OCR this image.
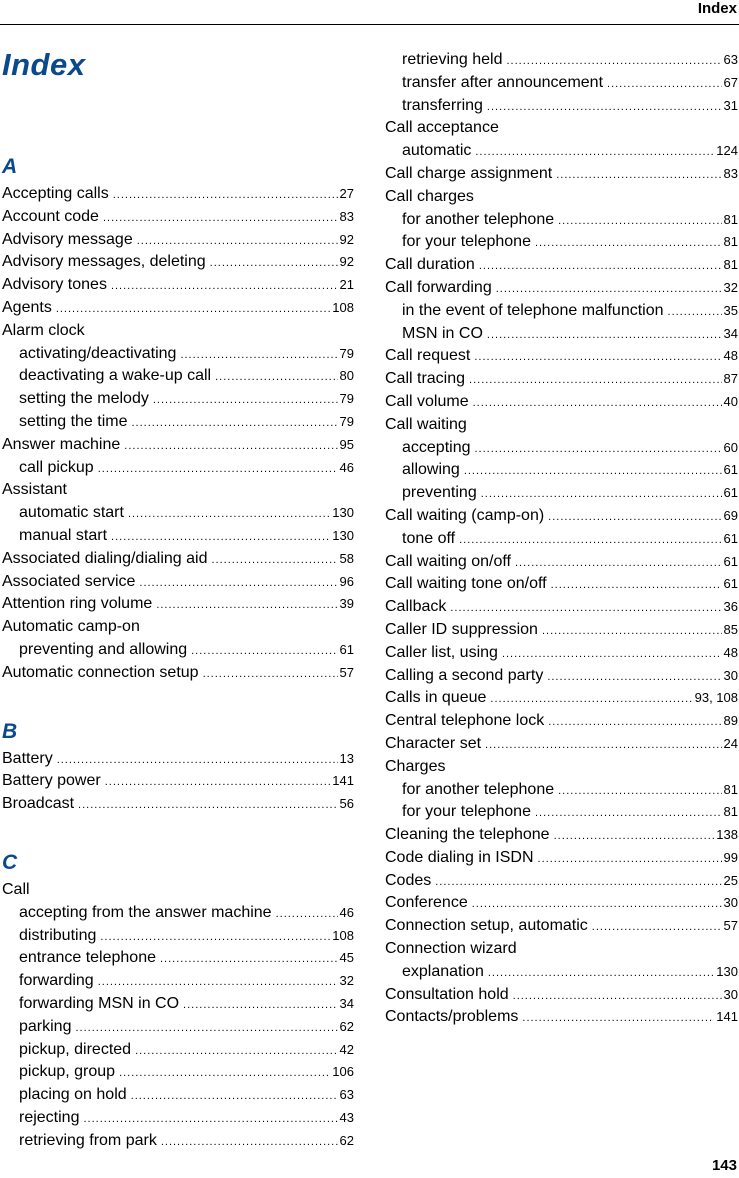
Index
Index
A
Accepting calls .....	27
Account code .....	83
Advisory message .....	92
Advisory messages, deleting .....	92
Advisory tones .....	21
Agents .....	108
Alarm clock
activating/deactivating .....	79
deactivating a wake-up call .....	80
setting the melody .....	79
setting the time .....	79
Answer machine .....	95
call pickup .....	46
Assistant
automatic start .....	130
manual start .....	130
Associated dialing/dialing aid .....	58
Associated service .....	96
Attention ring volume .....	39
Automatic camp-on
preventing and allowing .....	61
Automatic connection setup .....	57
B
Battery .....	13
Battery power .....	141
Broadcast .....	56
C
Call
accepting from the answer machine .....	46
distributing .....	108
entrance telephone .....	45
forwarding .....	32
forwarding MSN in CO .....	34
parking .....	62
pickup, directed .....	42
pickup, group .....	106
placing on hold .....	63
rejecting .....	43
retrieving from park .....	62
retrieving held .....	63
transfer after announcement .....	67
transferring .....	31
Call acceptance
automatic .....	124
Call charge assignment .....	83
Call charges
for another telephone .....	81
for your telephone .....	81
Call duration .....	81
Call forwarding .....	32
in the event of telephone malfunction .....	35
MSN in CO .....	34
Call request .....	48
Call tracing .....	87
Call volume .....	40
Call waiting
accepting .....	60
allowing .....	61
preventing .....	61
Call waiting (camp-on) .....	69
tone off .....	61
Call waiting on/off .....	61
Call waiting tone on/off .....	61
Callback .....	36
Caller ID suppression .....	85
Caller list, using .....	48
Calling a second party .....	30
Calls in queue .....	93, 108
Central telephone lock .....	89
Character set .....	24
Charges
for another telephone .....	81
for your telephone .....	81
Cleaning the telephone .....	138
Code dialing in ISDN .....	99
Codes .....	25
Conference .....	30
Connection setup, automatic .....	57
Connection wizard
explanation .....	130
Consultation hold .....	30
Contacts/problems .....	141
143
